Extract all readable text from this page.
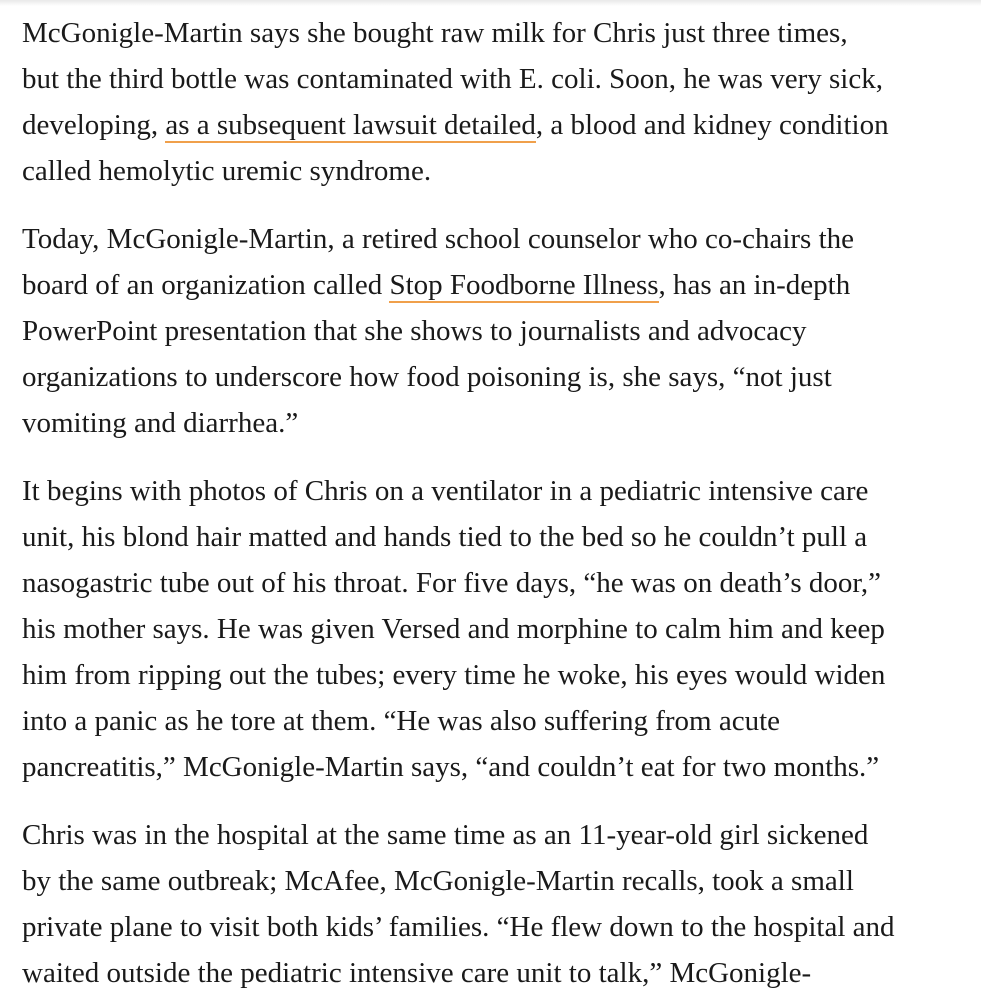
McGonigle-Martin says she bought raw milk for Chris just three times,
but the third bottle was contaminated with E. coli. Soon, he was very sick,
developing, as a subsequent lawsuit detailed, a blood and kidney condition
called hemolytic uremic syndrome.

Today, McGonigle-Martin, a retired school counselor who co-chairs the
board of an organization called Stop Foodborne Illness, has an in-depth
PowerPoint presentation that she shows to journalists and advocacy
organizations to underscore how food poisoning is, she says, “not just
vomiting and diarrhea.”

It begins with photos of Chris on a ventilator in a pediatric intensive care
unit, his blond hair matted and hands tied to the bed so he couldn’t pull a
nasogastric tube out of his throat. For five days, “he was on death’s door,”
his mother says. He was given Versed and morphine to calm him and keep
him from ripping out the tubes; every time he woke, his eyes would widen
into a panic as he tore at them. “He was also suffering from acute
pancreatitis,” McGonigle-Martin says, “and couldn’t eat for two months.”

Chris was in the hospital at the same time as an 11-year-old girl sickened
by the same outbreak; McAfee, McGonigle-Martin recalls, took a small
private plane to visit both kids’ families. “He flew down to the hospital and
waited outside the pediatric intensive care unit to talk,” McGonigle-
